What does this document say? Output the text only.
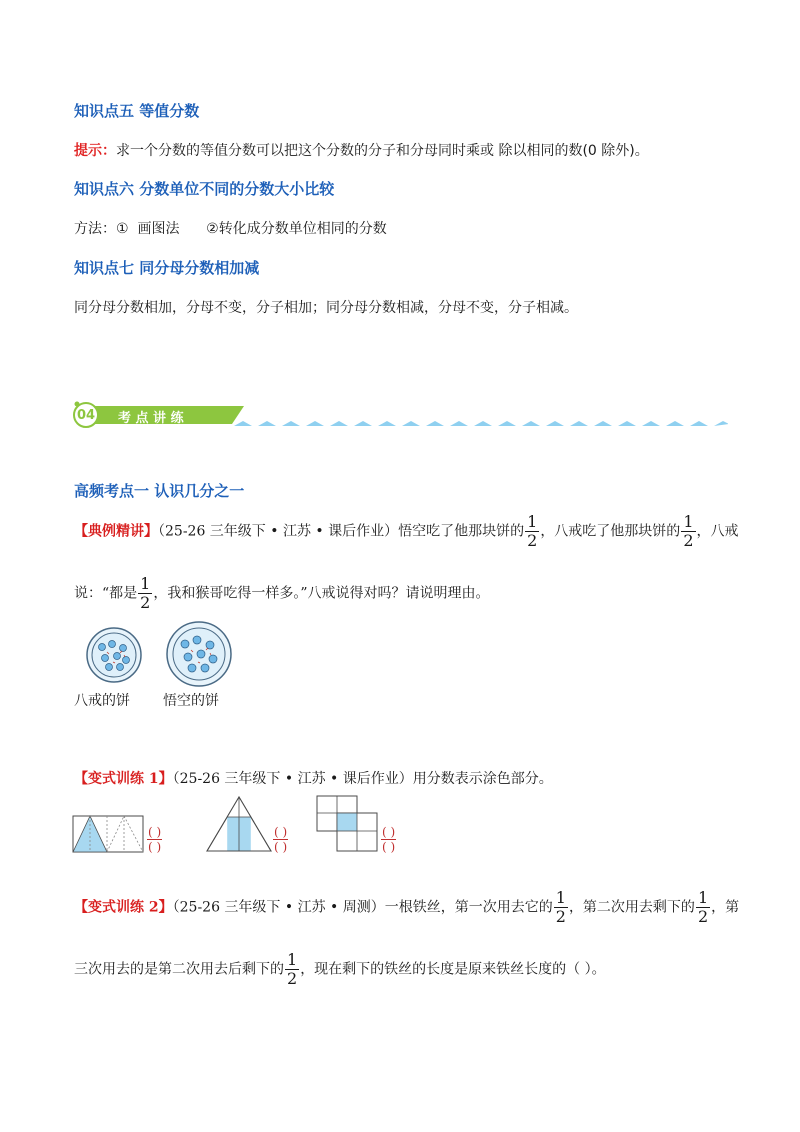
知识点五 等值分数
提示：求一个分数的等值分数可以把这个分数的分子和分母同时乘或 除以相同的数(0 除外)。
知识点六 分数单位不同的分数大小比较
方法：①  画图法      ②转化成分数单位相同的分数
知识点七 同分母分数相加减
同分母分数相加，分母不变，分子相加；同分母分数相减，分母不变，分子相减。
04 考 点 讲 练
高频考点一 认识几分之一
【典例精讲】（25-26 三年级下 • 江苏 • 课后作业）悟空吃了他那块饼的 $\frac{1}{2}$ ，八戒吃了他那块饼的 $\frac{1}{2}$ ，八戒
说：“都是 $\frac{1}{2}$ ，我和猴哥吃得一样多。”八戒说得对吗？请说明理由。
八戒的饼 悟空的饼
【变式训练 1】（25-26 三年级下 • 江苏 • 课后作业）用分数表示涂色部分。
$\frac{( )}{( )}$	$\frac{( )}{( )}$	$\frac{( )}{( )}$
【变式训练 2】（25-26 三年级下 • 江苏 • 周测）一根铁丝，第一次用去它的 $\frac{1}{2}$ ，第二次用去剩下的 $\frac{1}{2}$ ，第
三次用去的是第二次用去后剩下的 $\frac{1}{2}$ ，现在剩下的铁丝的长度是原来铁丝长度的（ ）。
